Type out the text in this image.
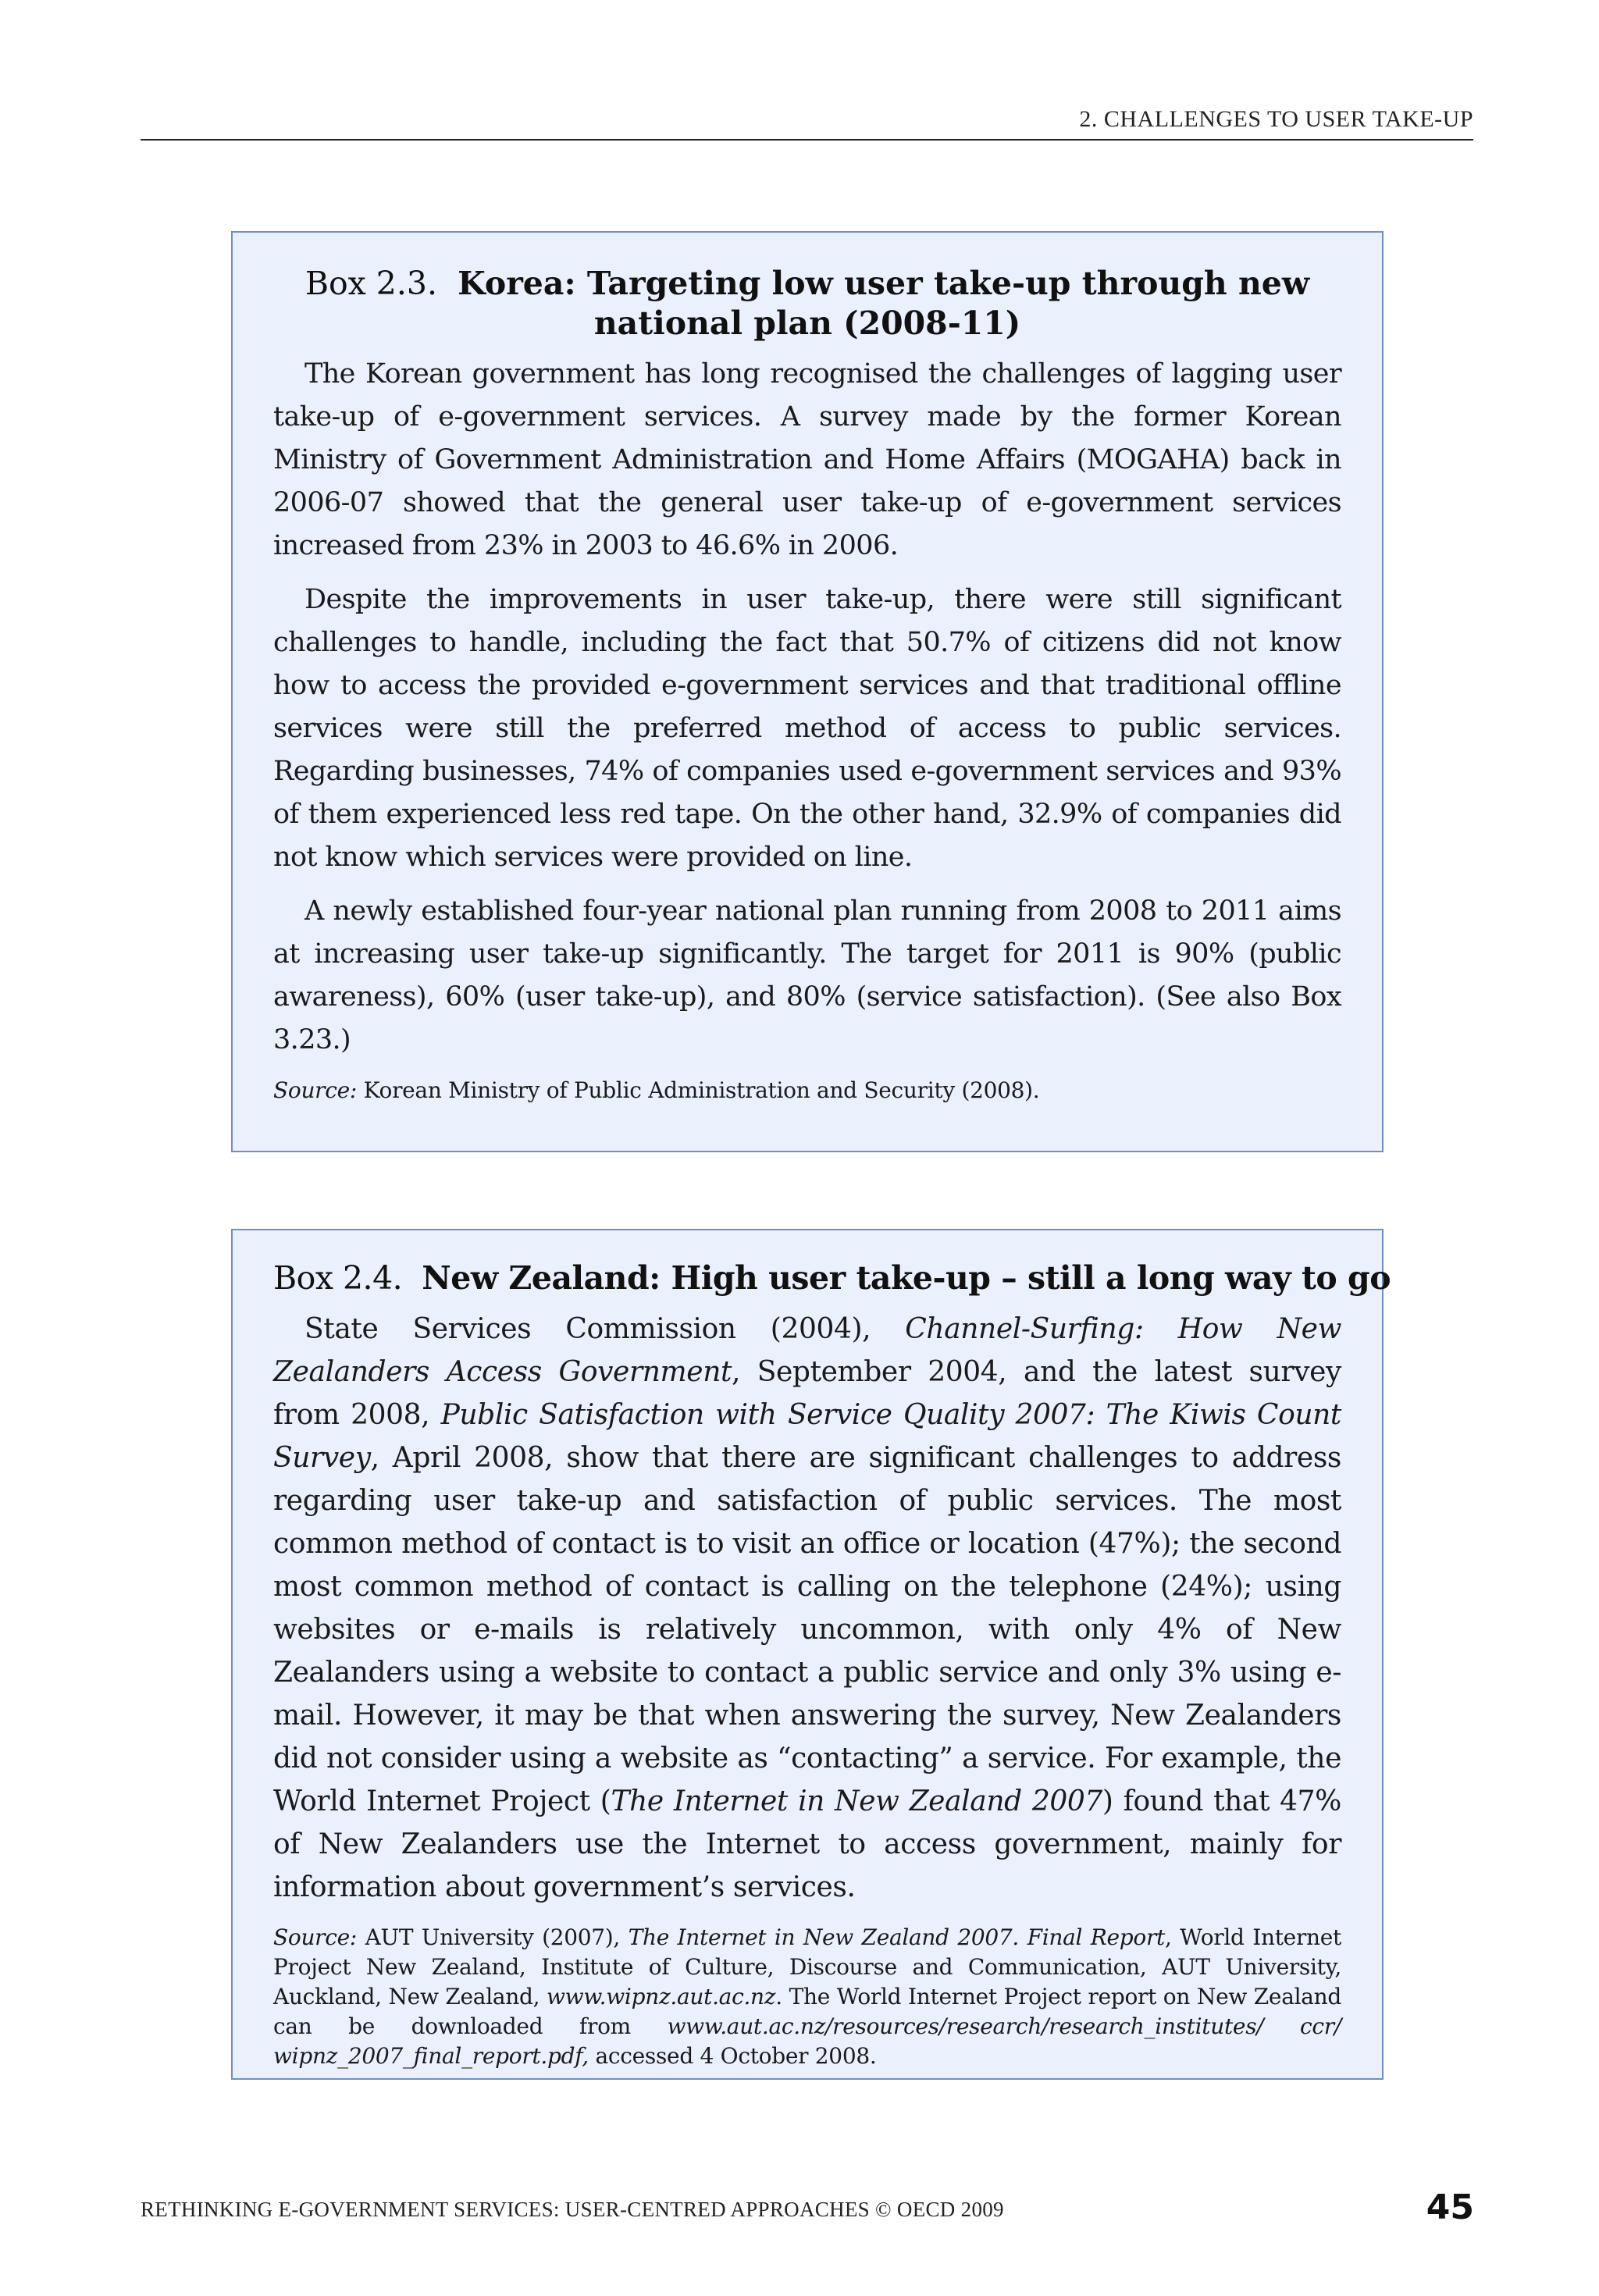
2. CHALLENGES TO USER TAKE-UP
Box 2.3. Korea: Targeting low user take-up through new national plan (2008-11)

The Korean government has long recognised the challenges of lagging user take-up of e-government services. A survey made by the former Korean Ministry of Government Administration and Home Affairs (MOGAHA) back in 2006-07 showed that the general user take-up of e-government services increased from 23% in 2003 to 46.6% in 2006.

Despite the improvements in user take-up, there were still significant challenges to handle, including the fact that 50.7% of citizens did not know how to access the provided e-government services and that traditional offline services were still the preferred method of access to public services. Regarding businesses, 74% of companies used e-government services and 93% of them experienced less red tape. On the other hand, 32.9% of companies did not know which services were provided on line.

A newly established four-year national plan running from 2008 to 2011 aims at increasing user take-up significantly. The target for 2011 is 90% (public awareness), 60% (user take-up), and 80% (service satisfaction). (See also Box 3.23.)

Source: Korean Ministry of Public Administration and Security (2008).
Box 2.4. New Zealand: High user take-up – still a long way to go

State Services Commission (2004), Channel-Surfing: How New Zealanders Access Government, September 2004, and the latest survey from 2008, Public Satisfaction with Service Quality 2007: The Kiwis Count Survey, April 2008, show that there are significant challenges to address regarding user take-up and satisfaction of public services. The most common method of contact is to visit an office or location (47%); the second most common method of contact is calling on the telephone (24%); using websites or e-mails is relatively uncommon, with only 4% of New Zealanders using a website to contact a public service and only 3% using e-mail. However, it may be that when answering the survey, New Zealanders did not consider using a website as “contacting” a service. For example, the World Internet Project (The Internet in New Zealand 2007) found that 47% of New Zealanders use the Internet to access government, mainly for information about government’s services.

Source: AUT University (2007), The Internet in New Zealand 2007. Final Report, World Internet Project New Zealand, Institute of Culture, Discourse and Communication, AUT University, Auckland, New Zealand, www.wipnz.aut.ac.nz. The World Internet Project report on New Zealand can be downloaded from www.aut.ac.nz/resources/research/research_institutes/ ccr/ wipnz_2007_final_report.pdf, accessed 4 October 2008.
RETHINKING E-GOVERNMENT SERVICES: USER-CENTRED APPROACHES © OECD 2009	45
